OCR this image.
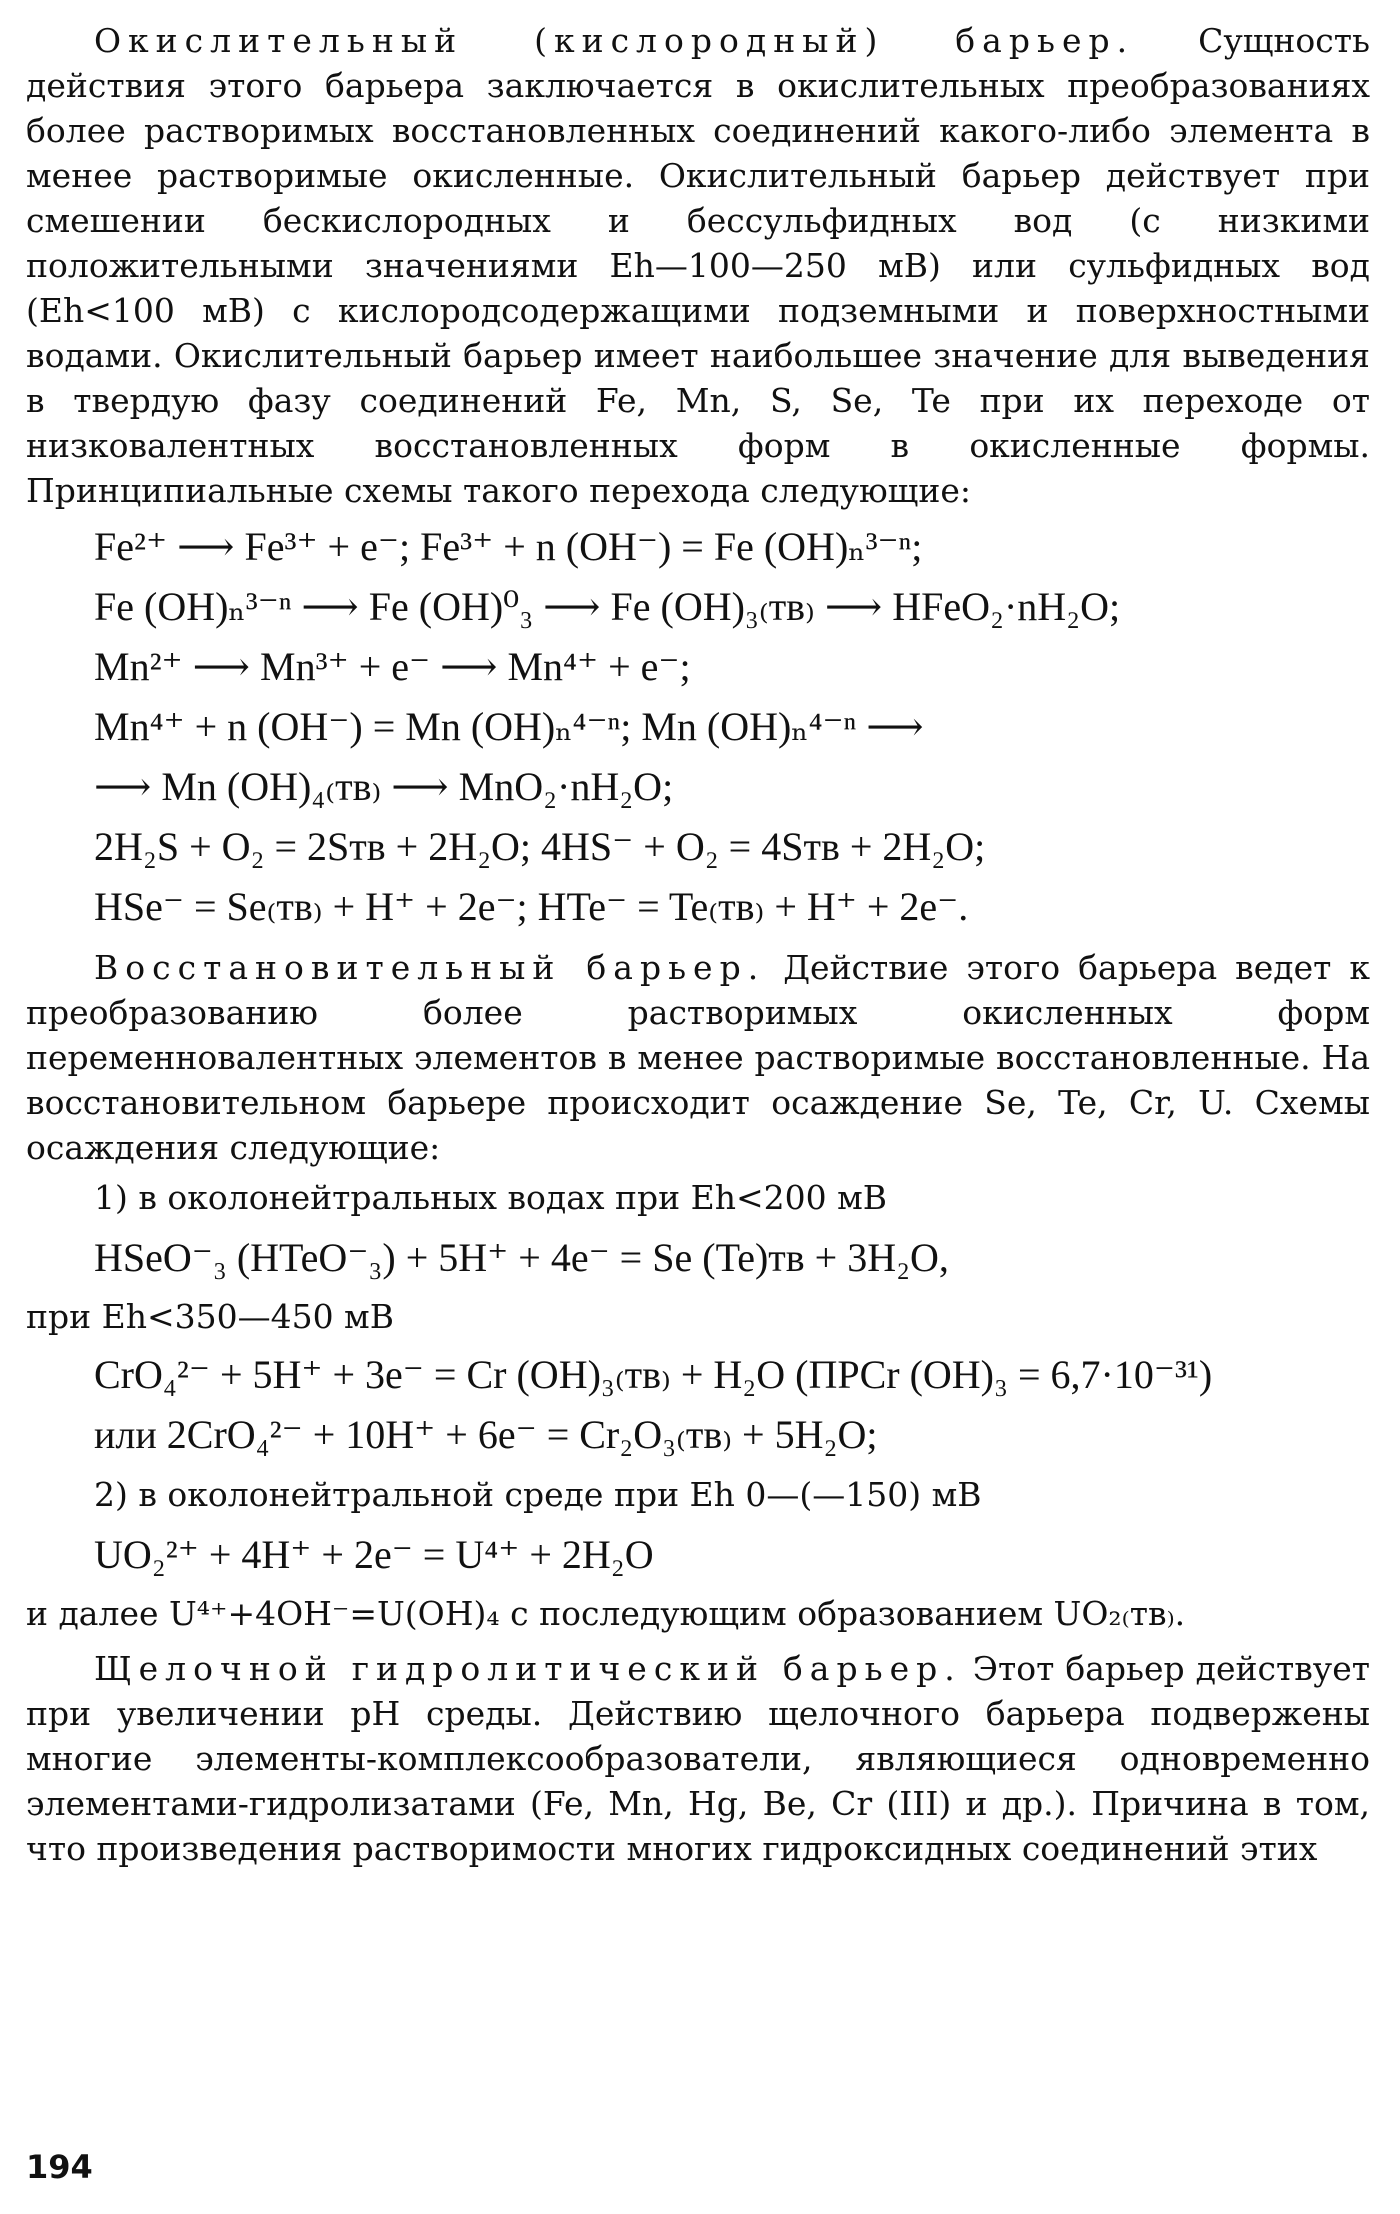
Окислительный (кислородный) барьер. Сущность действия этого барьера заключается в окислительных преобразованиях более растворимых восстановленных соединений какого-либо элемента в менее растворимые окисленные. Окислительный барьер действует при смешении бескислородных и бессульфидных вод (с низкими положительными значениями Eh—100—250 мВ) или сульфидных вод (Eh<100 мВ) с кислородсодержащими подземными и поверхностными водами. Окислительный барьер имеет наибольшее значение для выведения в твердую фазу соединений Fe, Mn, S, Se, Te при их переходе от низковалентных восстановленных форм в окисленные формы. Принципиальные схемы такого перехода следующие:

Fe²⁺ ⟶ Fe³⁺ + e⁻; Fe³⁺ + n (OH⁻) = Fe (OH)ₙ³⁻ⁿ;
Fe (OH)ₙ³⁻ⁿ ⟶ Fe (OH)⁰₃ ⟶ Fe (OH)₃₍тв₎ ⟶ HFeO₂·nH₂O;
Mn²⁺ ⟶ Mn³⁺ + e⁻ ⟶ Mn⁴⁺ + e⁻;
Mn⁴⁺ + n (OH⁻) = Mn (OH)ₙ⁴⁻ⁿ; Mn (OH)ₙ⁴⁻ⁿ ⟶
⟶ Mn (OH)₄₍тв₎ ⟶ MnO₂·nH₂O;
2H₂S + O₂ = 2Sтв + 2H₂O; 4HS⁻ + O₂ = 4Sтв + 2H₂O;
HSe⁻ = Se₍тв₎ + H⁺ + 2e⁻; HTe⁻ = Te₍тв₎ + H⁺ + 2e⁻.

Восстановительный барьер. Действие этого барьера ведет к преобразованию более растворимых окисленных форм переменновалентных элементов в менее растворимые восстановленные. На восстановительном барьере происходит осаждение Se, Te, Cr, U. Схемы осаждения следующие:

1) в околонейтральных водах при Eh<200 мВ
HSeO⁻₃ (HTeO⁻₃) + 5H⁺ + 4e⁻ = Se (Te)тв + 3H₂O,

при Eh<350—450 мВ

CrO₄²⁻ + 5H⁺ + 3e⁻ = Cr (OH)₃₍тв₎ + H₂O (ПРCr (OH)₃ = 6,7·10⁻³¹)
или 2CrO₄²⁻ + 10H⁺ + 6e⁻ = Cr₂O₃₍тв₎ + 5H₂O;
2) в околонейтральной среде при Eh 0—(—150) мВ
UO₂²⁺ + 4H⁺ + 2e⁻ = U⁴⁺ + 2H₂O

и далее U⁴⁺+4OH⁻=U(OH)₄ с последующим образованием UO₂₍тв₎.

Щелочной гидролитический барьер. Этот барьер действует при увеличении pH среды. Действию щелочного барьера подвержены многие элементы-комплексообразователи, являющиеся одновременно элементами-гидролизатами (Fe, Mn, Hg, Be, Cr (III) и др.). Причина в том, что произведения растворимости многих гидроксидных соединений этих

194
